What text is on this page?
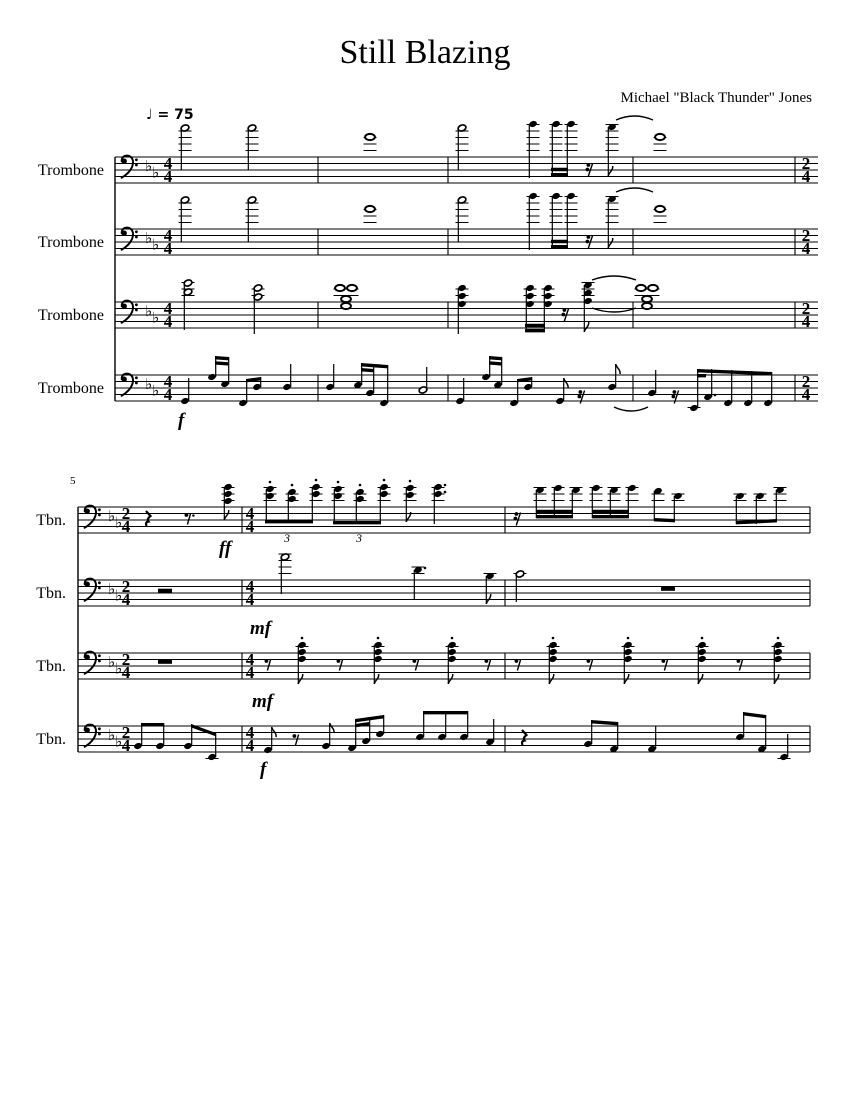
♭ ♭ 4
4
2
4
♭ ♭ 4
4
2
4
♭ ♭ 4
4
2
4
♭ ♭ 4
4
2
4
♭ ♭ 2
4
4
4
♭ ♭ 2
4
4
4
♭ ♭ 2
4
4
4
♭ ♭ 2
4
4
4
Still Blazing
Michael "Black Thunder" Jones
♩ = 75
Trombone
Trombone
Trombone
Trombone
Tbn.
Tbn.
Tbn.
Tbn.
f
ff
mf
mf
f
3	3
5
